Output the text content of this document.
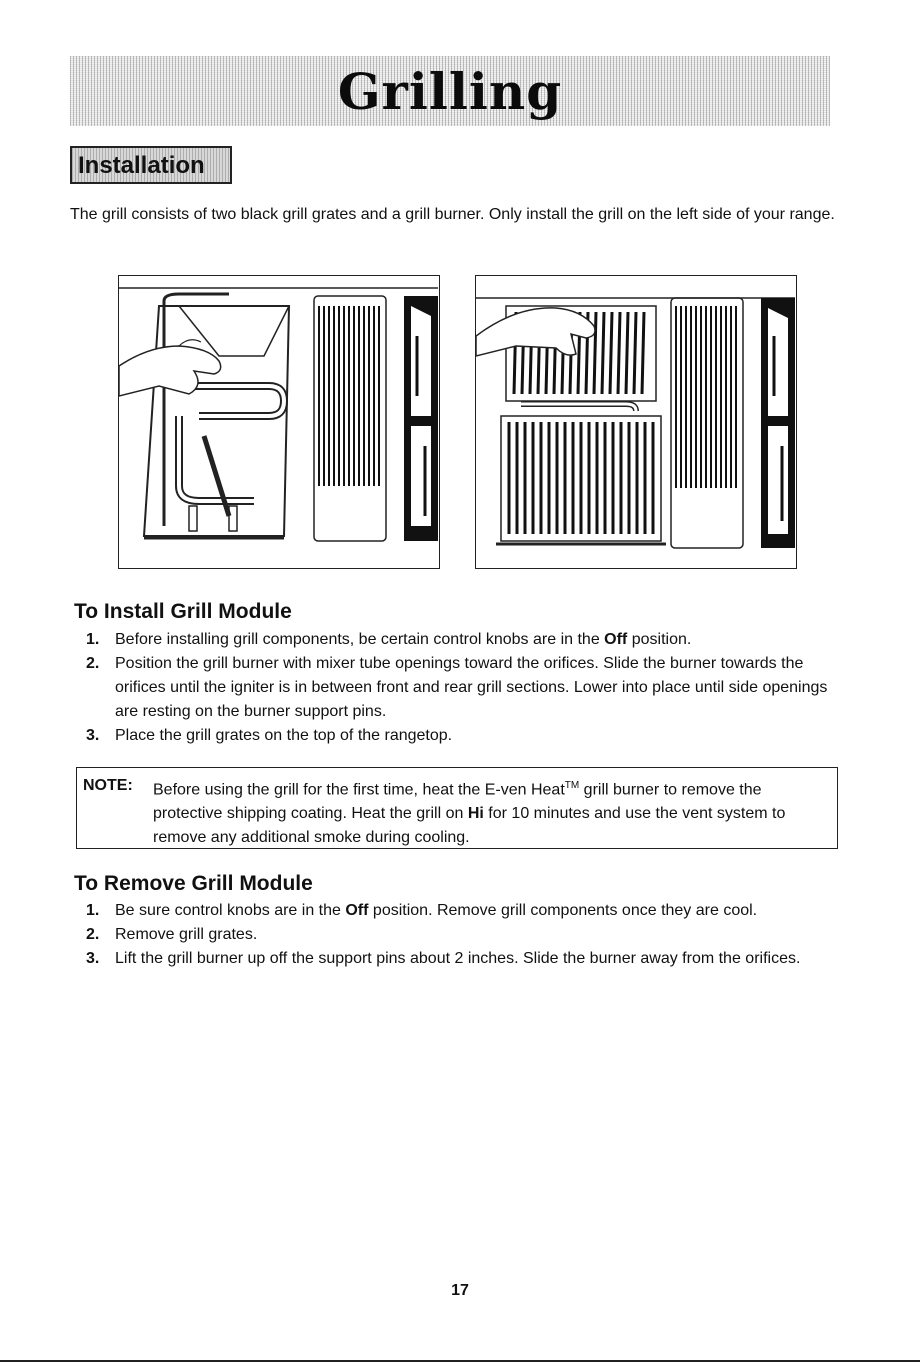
Grilling
Installation
The grill consists of two black grill grates and a grill burner. Only install the grill on the left side of your range.
To Install Grill Module
1. Before installing grill components, be certain control knobs are in the Off position.
2. Position the grill burner with mixer tube openings toward the orifices. Slide the burner towards the orifices until the igniter is in between front and rear grill sections. Lower into place until side openings are resting on the burner support pins.
3. Place the grill grates on the top of the rangetop.
NOTE: Before using the grill for the first time, heat the E-ven Heat™ grill burner to remove the protective shipping coating. Heat the grill on Hi for 10 minutes and use the vent system to remove any additional smoke during cooling.
To Remove Grill Module
1. Be sure control knobs are in the Off position. Remove grill components once they are cool.
2. Remove grill grates.
3. Lift the grill burner up off the support pins about 2 inches. Slide the burner away from the orifices.
17
